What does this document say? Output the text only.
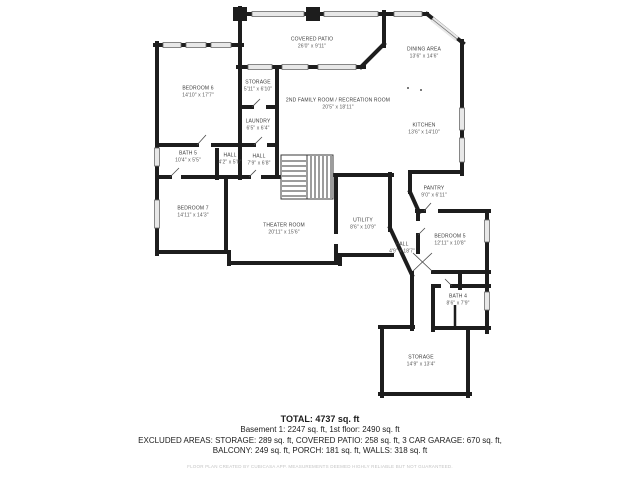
COVERED PATIO
26'0" x 9'11"	DINING AREA
13'6" x 14'6"
BEDROOM 6
14'10" x 17'7"
STORAGE
5'11" x 6'10"
2ND FAMILY ROOM / RECREATION ROOM
20'5" x 18'11"
KITCHEN
13'6" x 14'10"
LAUNDRY
6'5" x 6'4"
BATH 5
10'4" x 5'5"
HALL
4'2" x 5'0"
HALL
7'9" x 6'8"
PANTRY
9'0" x 6'11"
BEDROOM 7
14'11" x 14'3"
UTILITY
8'6" x 10'9"
THEATER ROOM
20'11" x 15'6"
BEDROOM 5
12'11" x 10'8"
HALL
4'9" x 18'7"
BATH 4
8'6" x 7'9"
STORAGE
14'9" x 13'4"
TOTAL: 4737 sq. ft
Basement 1: 2247 sq. ft, 1st floor: 2490 sq. ft
EXCLUDED AREAS: STORAGE: 289 sq. ft, COVERED PATIO: 258 sq. ft, 3 CAR GARAGE: 670 sq. ft,
BALCONY: 249 sq. ft, PORCH: 181 sq. ft, WALLS: 318 sq. ft
FLOOR PLAN CREATED BY CUBICASA APP. MEASUREMENTS DEEMED HIGHLY RELIABLE BUT NOT GUARANTEED.
